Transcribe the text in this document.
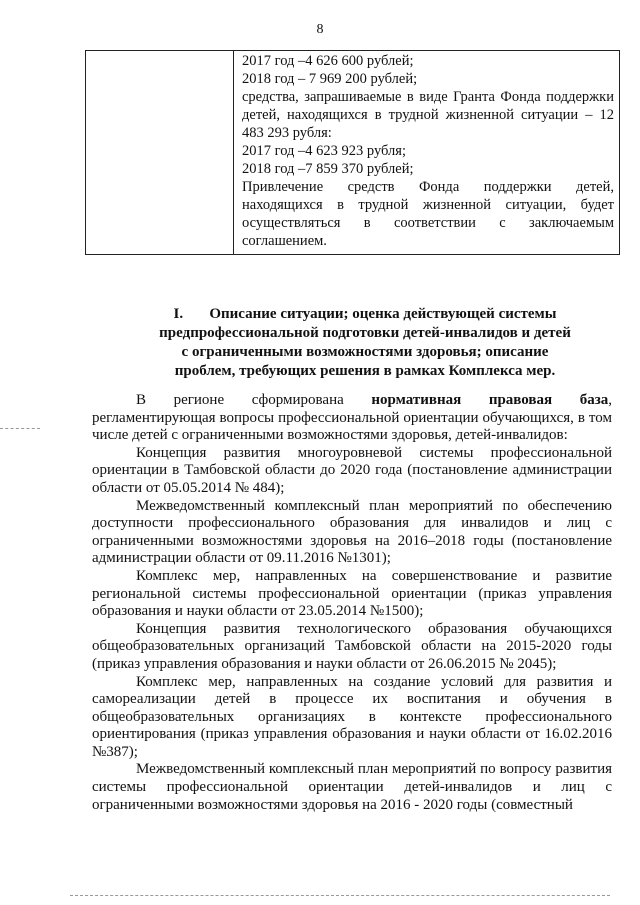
8

2017 год –4 626 600 рублей;
2018 год – 7 969 200 рублей;
средства, запрашиваемые в виде Гранта Фонда поддержки детей, находящихся в трудной жизненной ситуации – 12 483 293 рубля:
2017 год –4 623 923 рубля;
2018 год –7 859 370 рублей;
Привлечение средств Фонда поддержки детей, находящихся в трудной жизненной ситуации, будет осуществляться в соответствии с заключаемым соглашением.
I. Описание ситуации; оценка действующей системы
предпрофессиональной подготовки детей-инвалидов и детей
с ограниченными возможностями здоровья; описание
проблем, требующих решения в рамках Комплекса мер.

В регионе сформирована нормативная правовая база, регламентирующая вопросы профессиональной ориентации обучающихся, в том числе детей с ограниченными возможностями здоровья, детей-инвалидов:

Концепция развития многоуровневой системы профессиональной ориентации в Тамбовской области до 2020 года (постановление администрации области от 05.05.2014 № 484);

Межведомственный комплексный план мероприятий по обеспечению доступности профессионального образования для инвалидов и лиц с ограниченными возможностями здоровья на 2016–2018 годы (постановление администрации области от 09.11.2016 №1301);

Комплекс мер, направленных на совершенствование и развитие региональной системы профессиональной ориентации (приказ управления образования и науки области от 23.05.2014 №1500);

Концепция развития технологического образования обучающихся общеобразовательных организаций Тамбовской области на 2015-2020 годы (приказ управления образования и науки области от 26.06.2015 № 2045);

Комплекс мер, направленных на создание условий для развития и самореализации детей в процессе их воспитания и обучения в общеобразовательных организациях в контексте профессионального ориентирования (приказ управления образования и науки области от 16.02.2016 №387);

Межведомственный комплексный план мероприятий по вопросу развития системы профессиональной ориентации детей-инвалидов и лиц с ограниченными возможностями здоровья на 2016 - 2020 годы (совместный
